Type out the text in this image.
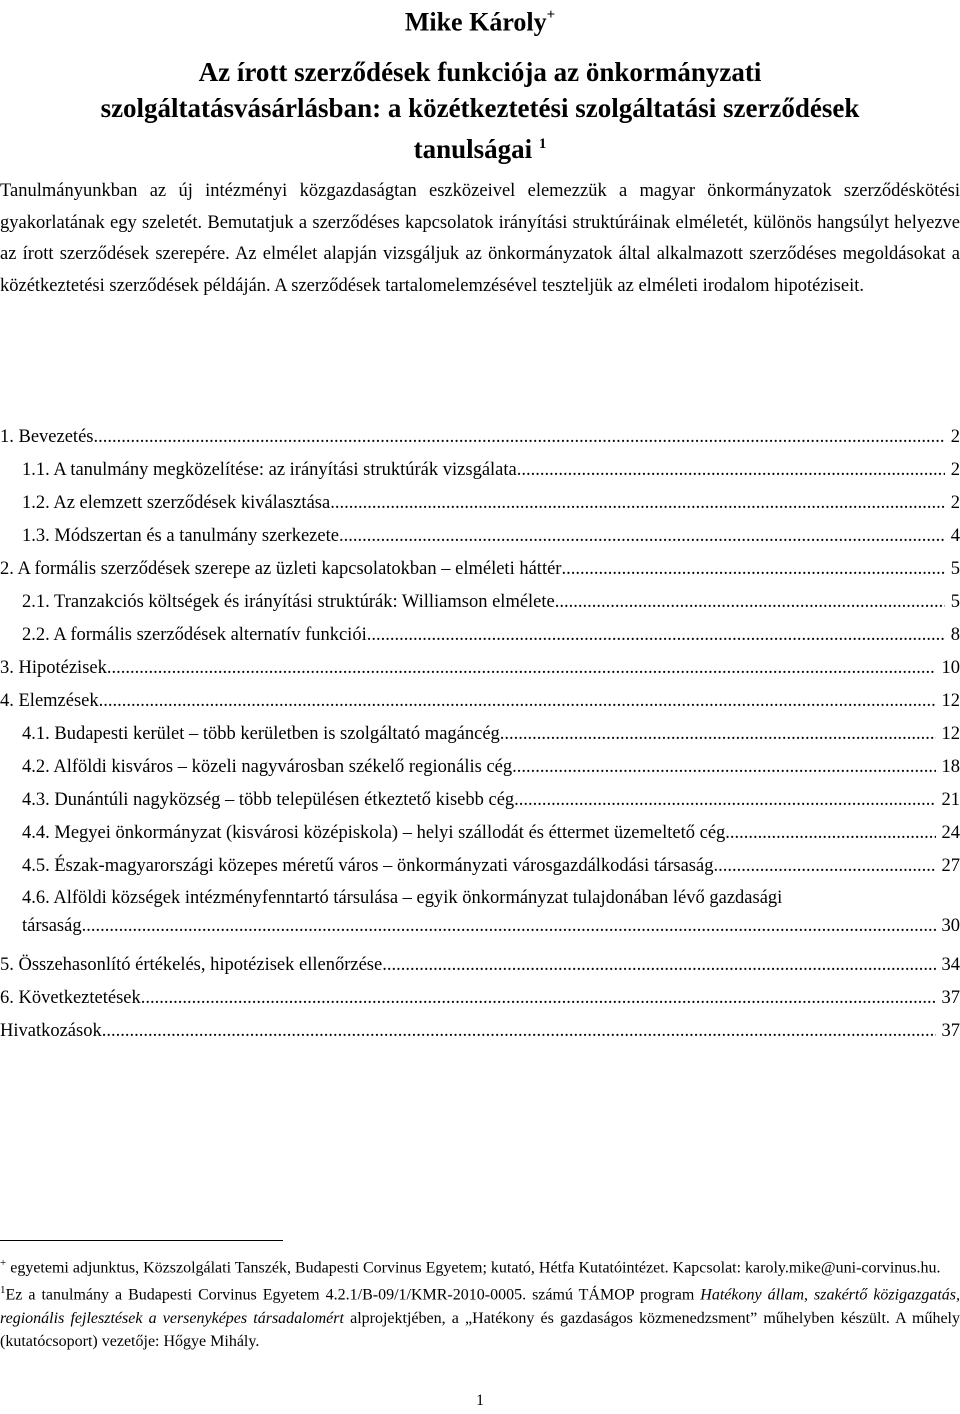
Mike Károly+
Az írott szerződések funkciója az önkormányzati
szolgáltatásvásárlásban: a közétkeztetési szolgáltatási szerződések
tanulságai $^1$
Tanulmányunkban az új intézményi közgazdaságtan eszközeivel elemezzük a magyar önkormányzatok szerződéskötési gyakorlatának egy szeletét. Bemutatjuk a szerződéses kapcsolatok irányítási struktúráinak elméletét, különös hangsúlyt helyezve az írott szerződések szerepére. Az elmélet alapján vizsgáljuk az önkormányzatok által alkalmazott szerződéses megoldásokat a közétkeztetési szerződések példáján. A szerződések tartalomelemzésével teszteljük az elméleti irodalom hipotéziseit.
1. Bevezetés .....	2
1.1. A tanulmány megközelítése: az irányítási struktúrák vizsgálata .....	2
1.2. Az elemzett szerződések kiválasztása .....	2
1.3. Módszertan és a tanulmány szerkezete .....	4
2. A formális szerződések szerepe az üzleti kapcsolatokban – elméleti háttér .....	5
2.1. Tranzakciós költségek és irányítási struktúrák: Williamson elmélete .....	5
2.2. A formális szerződések alternatív funkciói .....	8
3. Hipotézisek .....	10
4. Elemzések .....	12
4.1. Budapesti kerület – több kerületben is szolgáltató magáncég .....	12
4.2. Alföldi kisváros – közeli nagyvárosban székelő regionális cég .....	18
4.3. Dunántúli nagyközség – több településen étkeztető kisebb cég .....	21
4.4. Megyei önkormányzat (kisvárosi középiskola) – helyi szállodát és éttermet üzemeltető cég .....	24
4.5. Észak-magyarországi közepes méretű város – önkormányzati városgazdálkodási társaság .....	27
4.6. Alföldi községek intézményfenntartó társulása – egyik önkormányzat tulajdonában lévő gazdasági
társaság .....	30
5. Összehasonlító értékelés, hipotézisek ellenőrzése .....	34
6. Következtetések .....	37
Hivatkozások .....	37
+ egyetemi adjunktus, Közszolgálati Tanszék, Budapesti Corvinus Egyetem; kutató, Hétfa Kutatóintézet. Kapcsolat: karoly.mike@uni-corvinus.hu.
$^1$Ez a tanulmány a Budapesti Corvinus Egyetem 4.2.1/B-09/1/KMR-2010-0005. számú TÁMOP program Hatékony állam, szakértő közigazgatás, regionális fejlesztések a versenyképes társadalomért alprojektjében, a „Hatékony és gazdaságos közmenedzsment” műhelyben készült. A műhely (kutatócsoport) vezetője: Hőgye Mihály.
1
